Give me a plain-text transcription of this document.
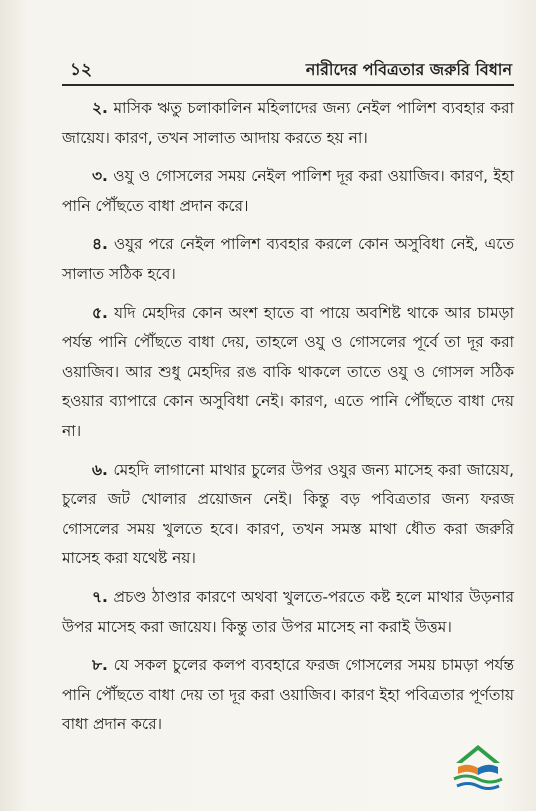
১২	নারীদের পবিত্রতার জরুরি বিধান

২. মাসিক ঋতু চলাকালিন মহিলাদের জন্য নেইল পালিশ ব্যবহার করা জায়েয। কারণ, তখন সালাত আদায় করতে হয় না।

৩. ওযু ও গোসলের সময় নেইল পালিশ দূর করা ওয়াজিব। কারণ, ইহা পানি পৌঁছতে বাধা প্রদান করে।

৪. ওযুর পরে নেইল পালিশ ব্যবহার করলে কোন অসুবিধা নেই, এতে সালাত সঠিক হবে।

৫. যদি মেহদির কোন অংশ হাতে বা পায়ে অবশিষ্ট থাকে আর চামড়া পর্যন্ত পানি পৌঁছতে বাধা দেয়, তাহলে ওযু ও গোসলের পূর্বে তা দূর করা ওয়াজিব। আর শুধু মেহদির রঙ বাকি থাকলে তাতে ওযু ও গোসল সঠিক হওয়ার ব্যাপারে কোন অসুবিধা নেই। কারণ, এতে পানি পৌঁছতে বাধা দেয় না।

৬. মেহদি লাগানো মাথার চুলের উপর ওযুর জন্য মাসেহ করা জায়েয, চুলের জট খোলার প্রয়োজন নেই। কিন্তু বড় পবিত্রতার জন্য ফরজ গোসলের সময় খুলতে হবে। কারণ, তখন সমস্ত মাথা ধৌত করা জরুরি মাসেহ করা যথেষ্ট নয়।

৭. প্রচণ্ড ঠাণ্ডার কারণে অথবা খুলতে-পরতে কষ্ট হলে মাথার উড়নার উপর মাসেহ করা জায়েয। কিন্তু তার উপর মাসেহ না করাই উত্তম।

৮. যে সকল চুলের কলপ ব্যবহারে ফরজ গোসলের সময় চামড়া পর্যন্ত পানি পৌঁছতে বাধা দেয় তা দূর করা ওয়াজিব। কারণ ইহা পবিত্রতার পূর্ণতায় বাধা প্রদান করে।
